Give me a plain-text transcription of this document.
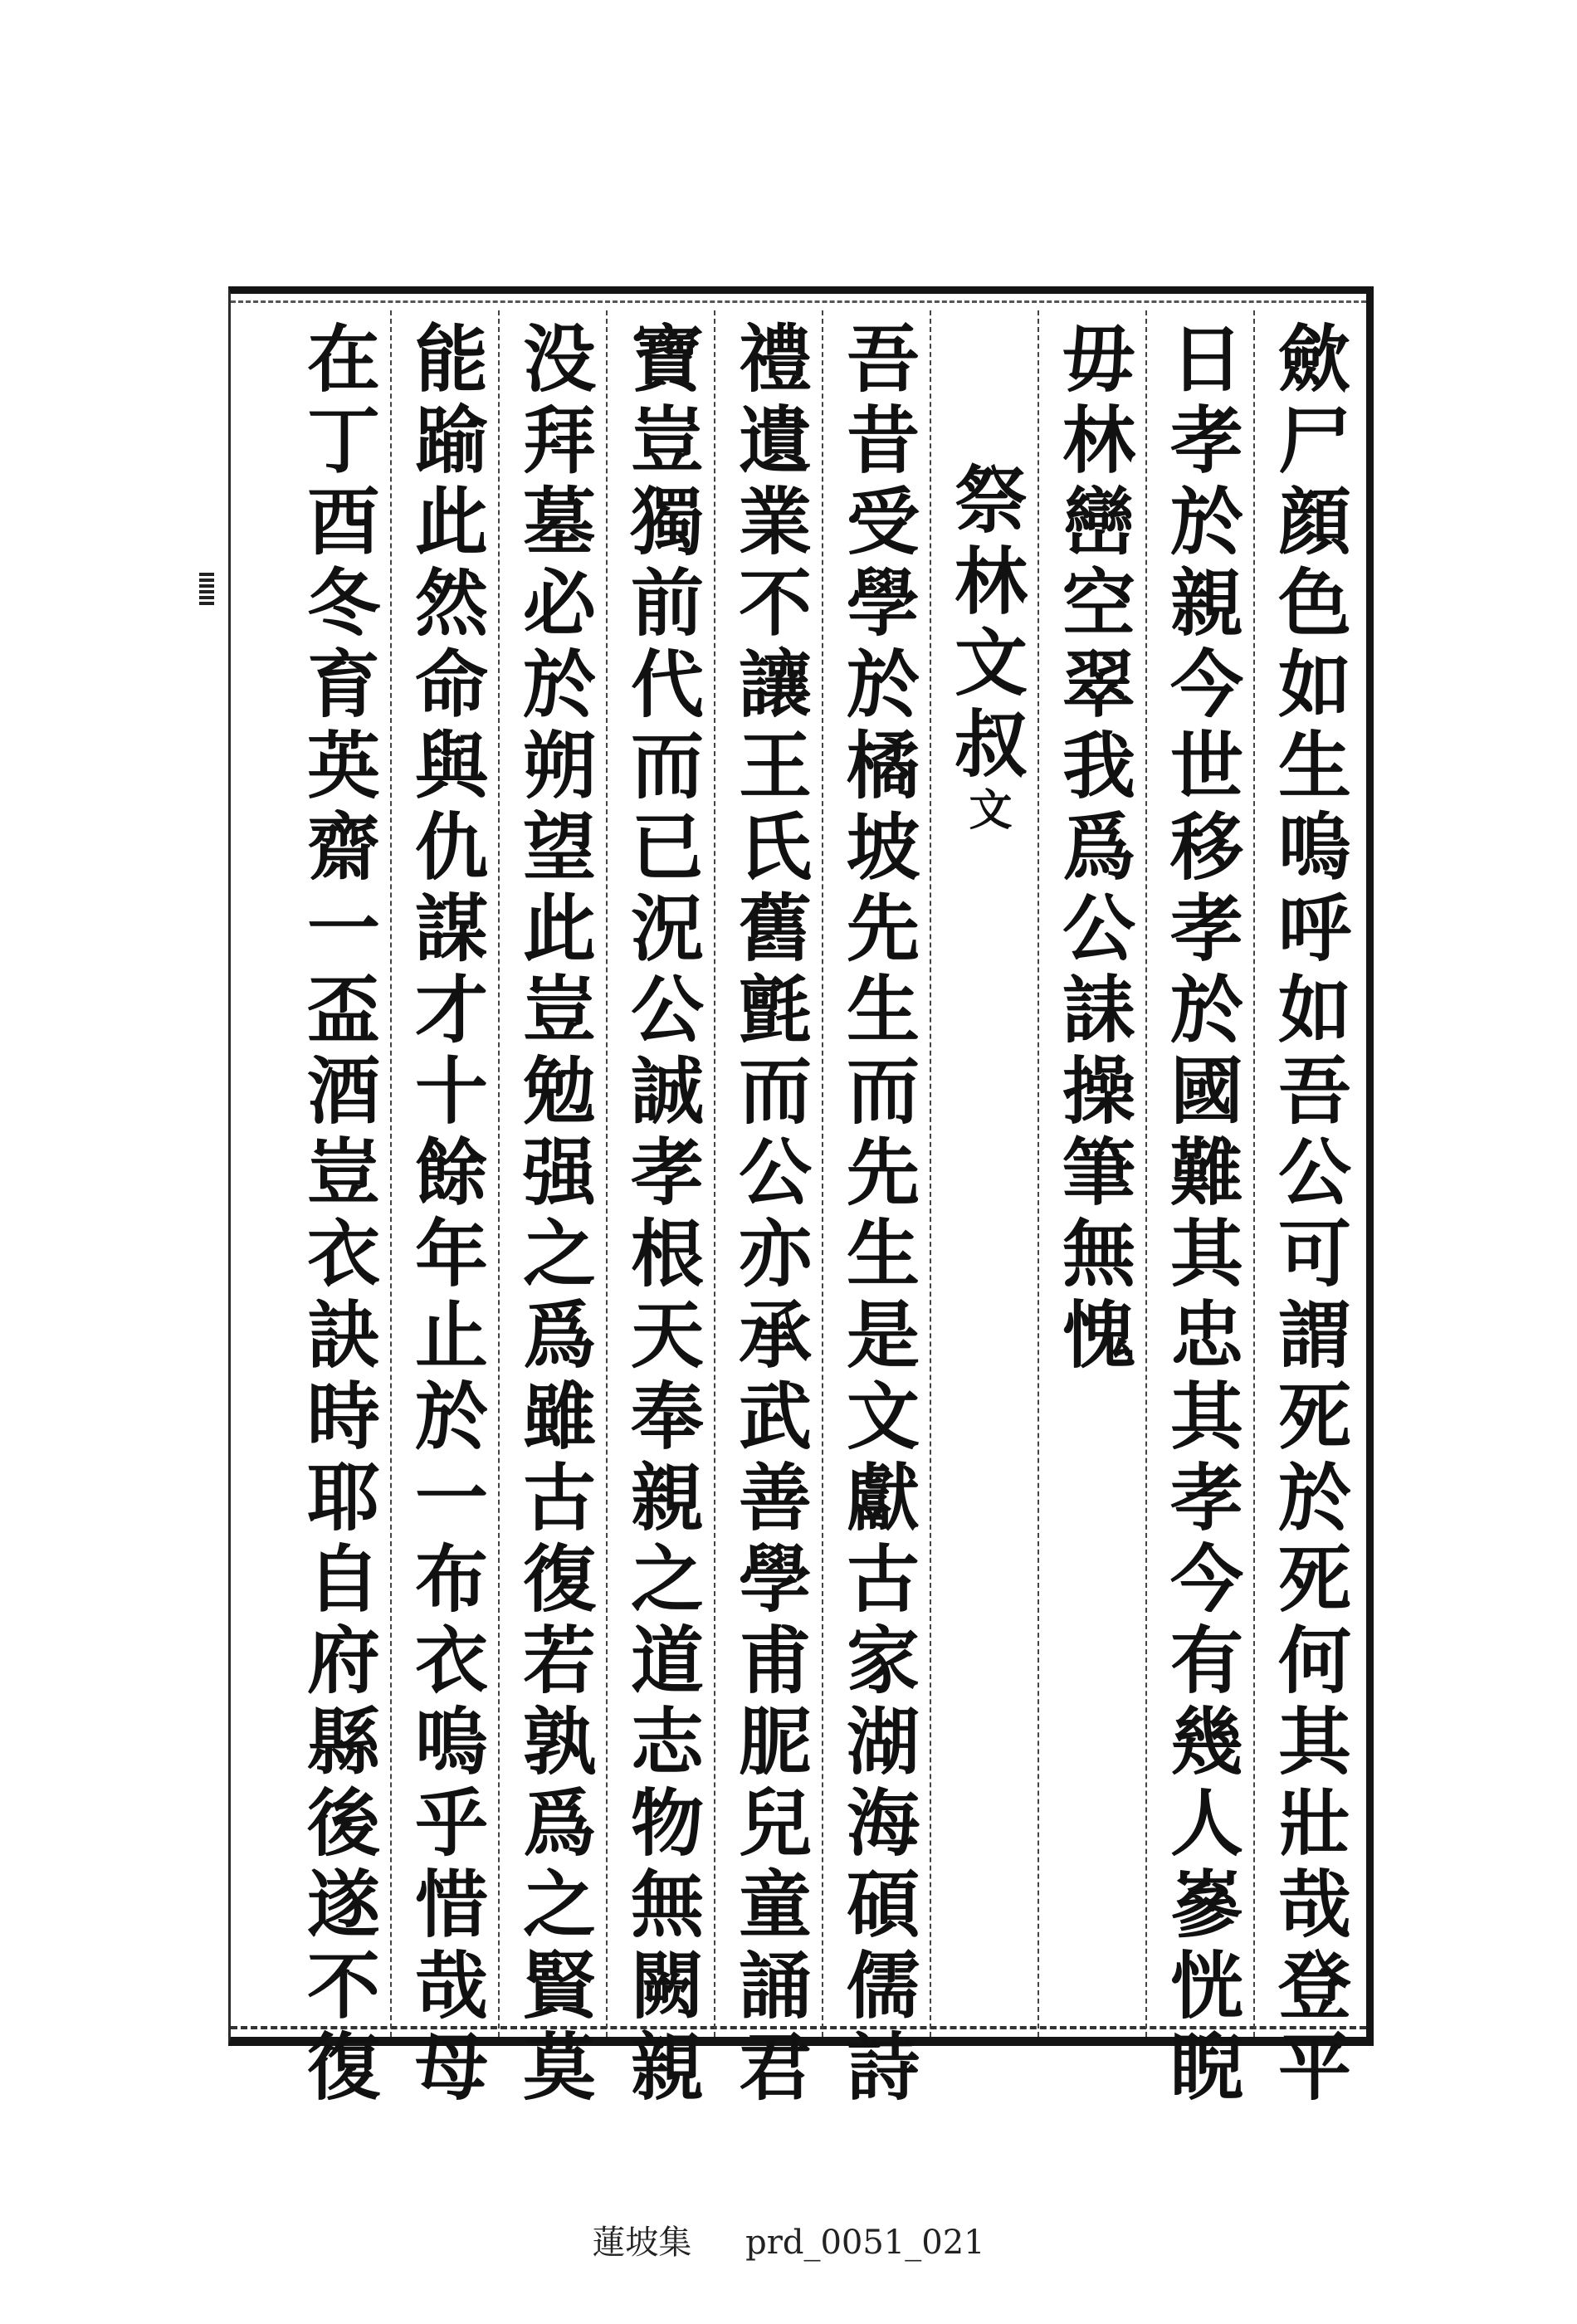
歛尸顔色如生嗚呼如吾公可謂死於死何其壯哉登平
日孝於親今世移孝於國難其忠其孝今有幾人嵾恍睨
毋林巒空翠我爲公誄操筆無愧
祭林文叔文
吾昔受學於橘坡先生而先生是文獻古家湖海碩儒詩
禮遺業不讓王氏舊氈而公亦承武善學甫胒兒童誦君
寶豈獨前代而已況公誠孝根天奉親之道志物無闕親
没拜墓必於朔望此豈勉强之爲雖古復若孰爲之賢莫
能踰此然命與仇謀才十餘年止於一布衣嗚乎惜哉母
在丁酉冬育英齋一盃酒豈衣訣時耶自府縣後遂不復
蓮坡集 prd_0051_021
